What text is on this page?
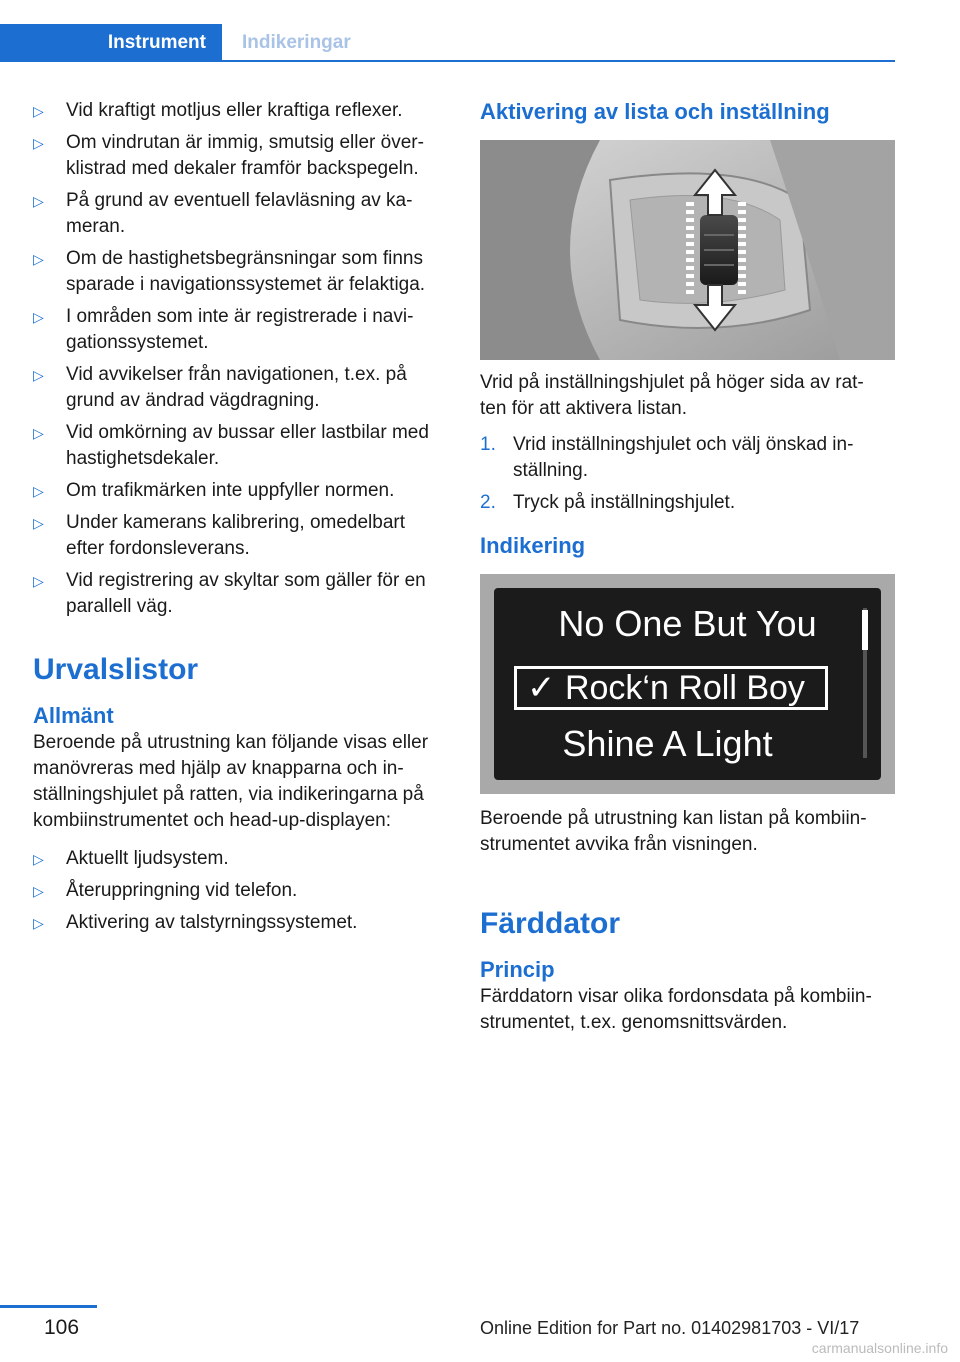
Instrument	Indikeringar
▷ Vid kraftigt motljus eller kraftiga reflexer.
▷ Om vindrutan är immig, smutsig eller över- klistrad med dekaler framför backspegeln.
▷ På grund av eventuell felavläsning av ka- meran.
▷ Om de hastighetsbegränsningar som finns sparade i navigationssystemet är felaktiga.
▷ I områden som inte är registrerade i navi- gationssystemet.
▷ Vid avvikelser från navigationen, t.ex. på grund av ändrad vägdragning.
▷ Vid omkörning av bussar eller lastbilar med hastighetsdekaler.
▷ Om trafikmärken inte uppfyller normen.
▷ Under kamerans kalibrering, omedelbart efter fordonsleverans.
▷ Vid registrering av skyltar som gäller för en parallell väg.
Urvalslistor
Allmänt

Beroende på utrustning kan följande visas eller manövreras med hjälp av knapparna och in- ställningshjulet på ratten, via indikeringarna på kombiinstrumentet och head-up-displayen:

▷ Aktuellt ljudsystem.
▷ Återuppringning vid telefon.
▷ Aktivering av talstyrningssystemet.
Aktivering av lista och inställning

Vrid på inställningshjulet på höger sida av rat- ten för att aktivera listan.

1. Vrid inställningshjulet och välj önskad in- ställning.
2. Tryck på inställningshjulet.
Indikering
No One But You
✓ Rock‘n Roll Boy
Shine A Light

Beroende på utrustning kan listan på kombiin- strumentet avvika från visningen.

Färddator
Princip

Färddatorn visar olika fordonsdata på kombiin- strumentet, t.ex. genomsnittsvärden.

106	Online Edition for Part no. 01402981703 - VI/17
carmanualsonline.info
